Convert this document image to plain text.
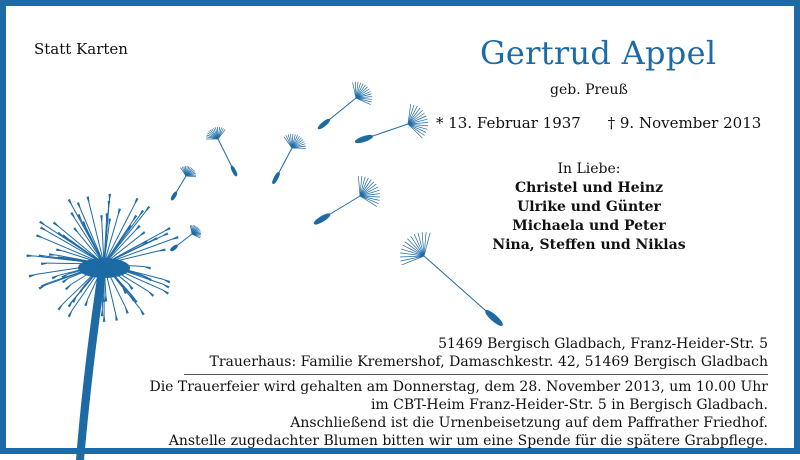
Statt Karten	Gertrud Appel
geb. Preuß
* 13. Februar 1937 † 9. November 2013
In Liebe:
Christel und Heinz
Ulrike und Günter
Michaela und Peter
Nina, Steffen und Niklas
51469 Bergisch Gladbach, Franz-Heider-Str. 5
Trauerhaus: Familie Kremershof, Damaschkestr. 42, 51469 Bergisch Gladbach
Die Trauerfeier wird gehalten am Donnerstag, dem 28. November 2013, um 10.00 Uhr
im CBT-Heim Franz-Heider-Str. 5 in Bergisch Gladbach.
Anschließend ist die Urnenbeisetzung auf dem Paffrather Friedhof.
Anstelle zugedachter Blumen bitten wir um eine Spende für die spätere Grabpflege.
